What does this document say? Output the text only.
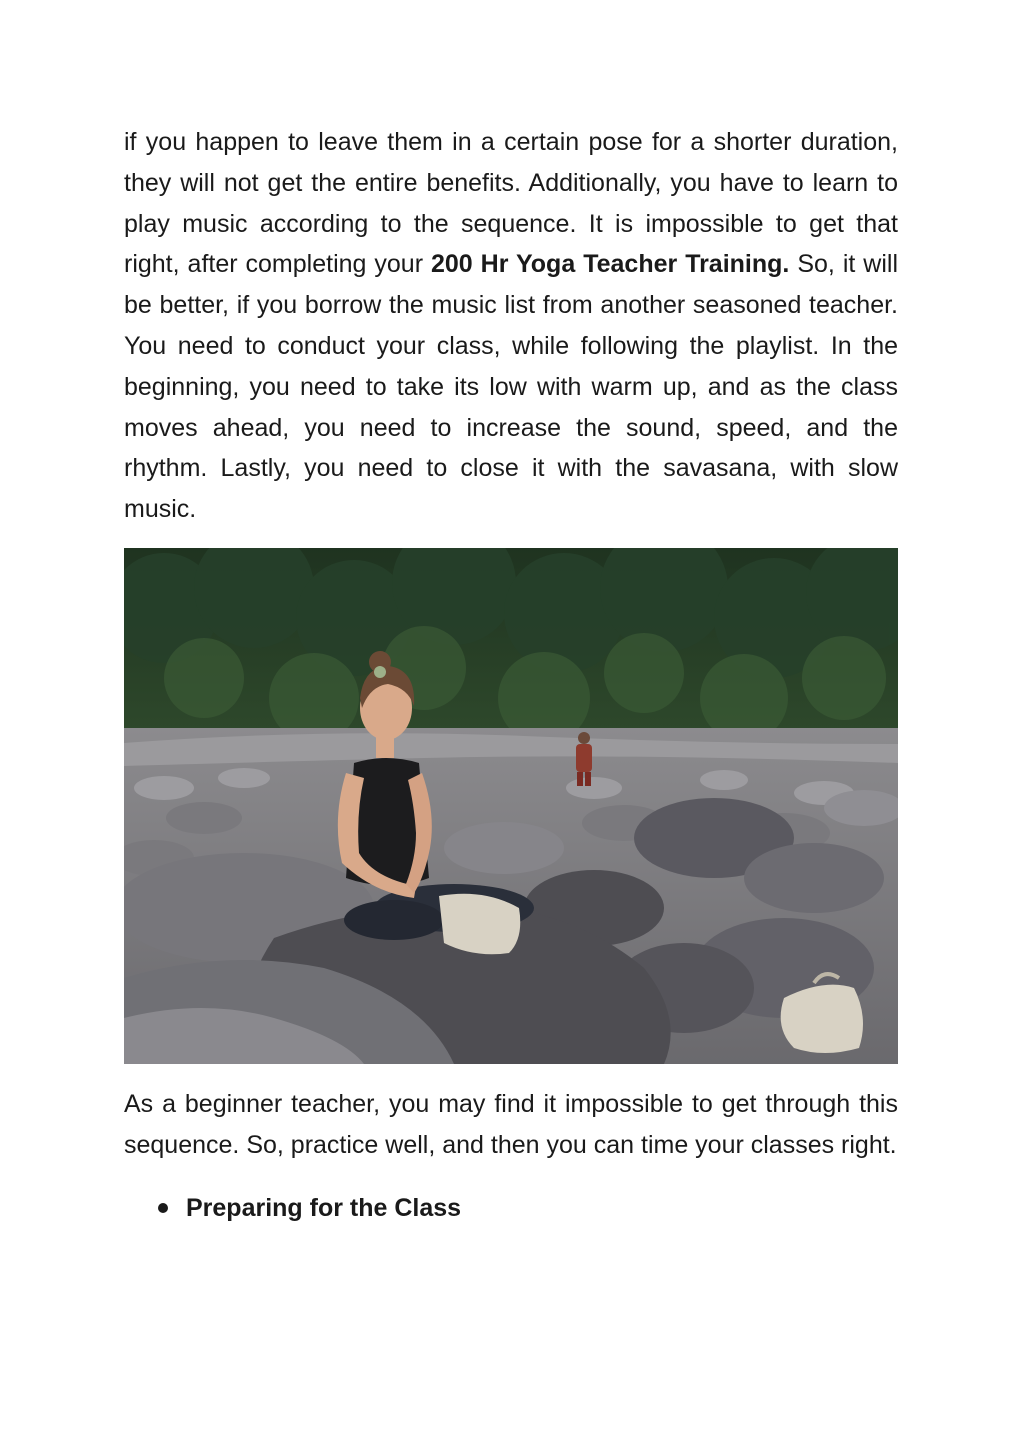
if you happen to leave them in a certain pose for a shorter duration, they will not get the entire benefits. Additionally, you have to learn to play music according to the sequence. It is impossible to get that right, after completing your 200 Hr Yoga Teacher Training. So, it will be better, if you borrow the music list from another seasoned teacher. You need to conduct your class, while following the playlist. In the beginning, you need to take its low with warm up, and as the class moves ahead, you need to increase the sound, speed, and the rhythm. Lastly, you need to close it with the savasana, with slow music.

As a beginner teacher, you may find it impossible to get through this sequence. So, practice well, and then you can time your classes right.

Preparing for the Class
